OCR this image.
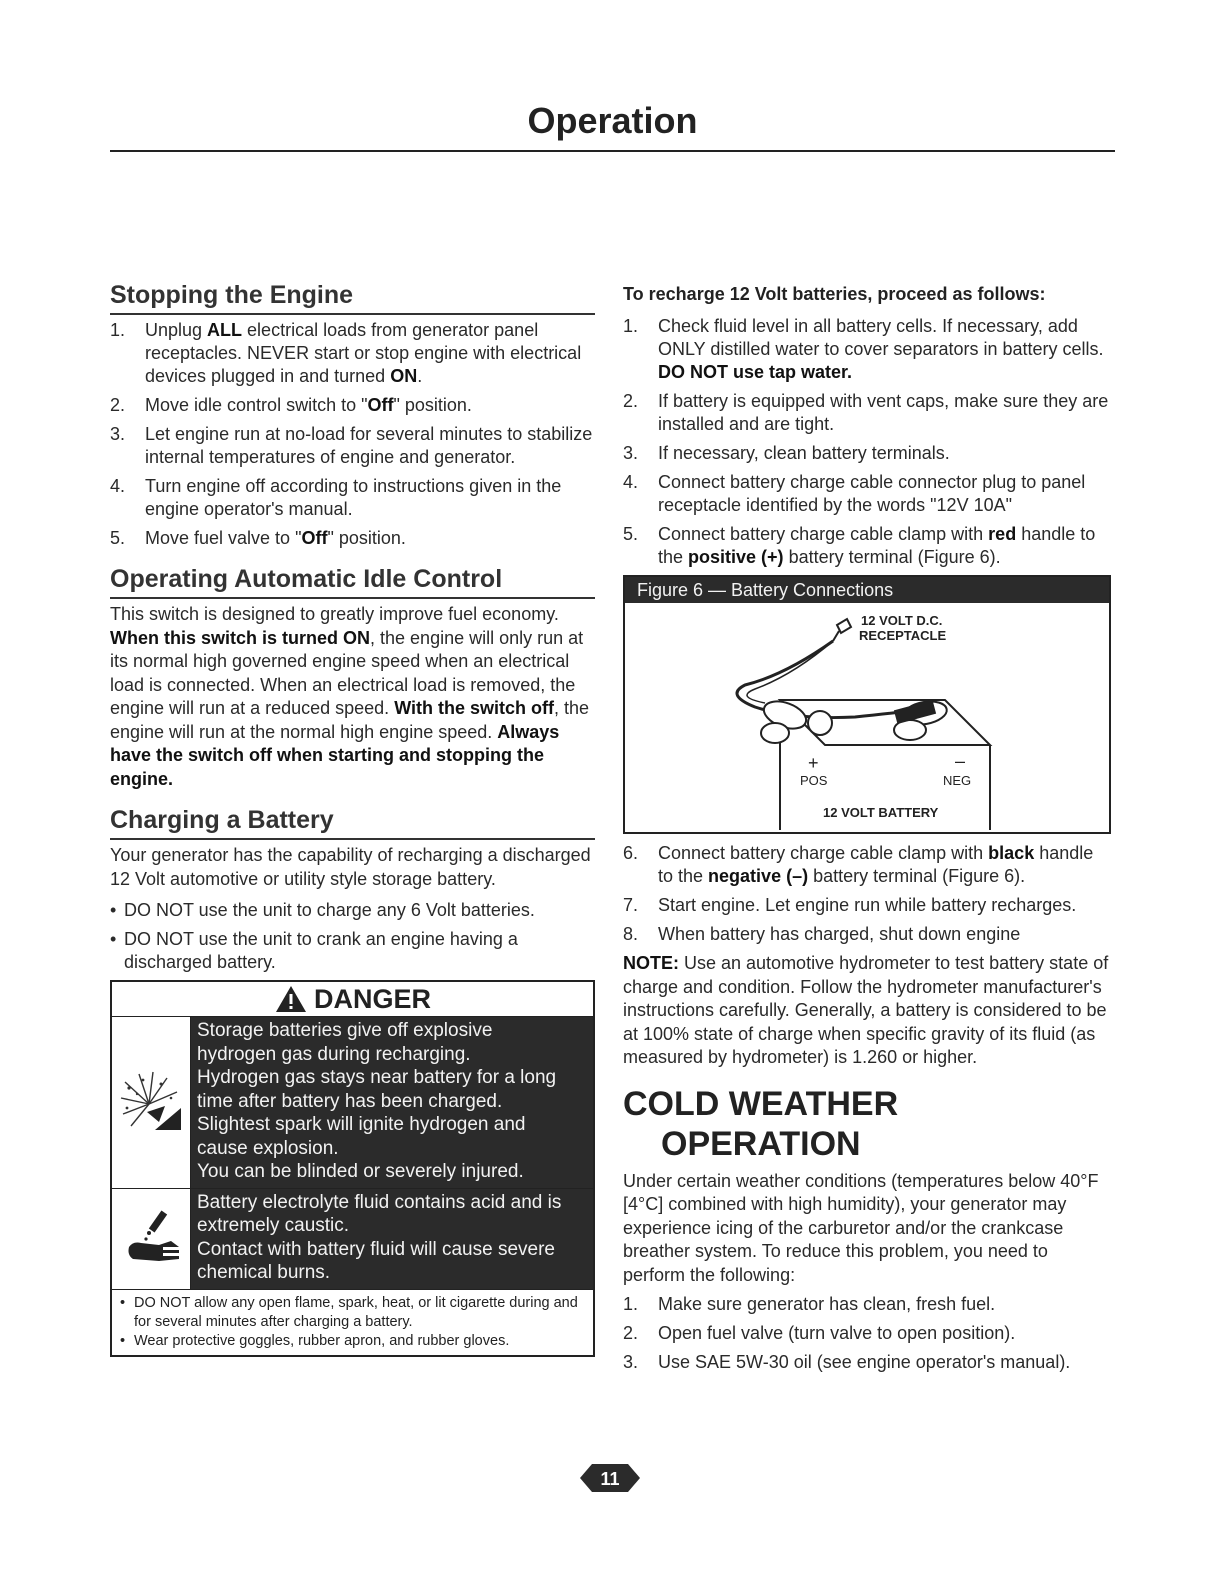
Operation
Stopping the Engine
1. Unplug ALL electrical loads from generator panel receptacles. NEVER start or stop engine with electrical devices plugged in and turned ON.
2. Move idle control switch to "Off" position.
3. Let engine run at no-load for several minutes to stabilize internal temperatures of engine and generator.
4. Turn engine off according to instructions given in the engine operator's manual.
5. Move fuel valve to "Off" position.
Operating Automatic Idle Control

This switch is designed to greatly improve fuel economy. When this switch is turned ON, the engine will only run at its normal high governed engine speed when an electrical load is connected. When an electrical load is removed, the engine will run at a reduced speed. With the switch off, the engine will run at the normal high engine speed. Always have the switch off when starting and stopping the engine.

Charging a Battery

Your generator has the capability of recharging a discharged 12 Volt automotive or utility style storage battery.

• DO NOT use the unit to charge any 6 Volt batteries.
• DO NOT use the unit to crank an engine having a discharged battery.
DANGER
Storage batteries give off explosive
hydrogen gas during recharging.
Hydrogen gas stays near battery for a long
time after battery has been charged.
Slightest spark will ignite hydrogen and
cause explosion.
You can be blinded or severely injured.
Battery electrolyte fluid contains acid and is
extremely caustic.
Contact with battery fluid will cause severe
chemical burns.
• DO NOT allow any open flame, spark, heat, or lit cigarette during and for several minutes after charging a battery.
• Wear protective goggles, rubber apron, and rubber gloves.
To recharge 12 Volt batteries, proceed as follows:
1. Check fluid level in all battery cells. If necessary, add ONLY distilled water to cover separators in battery cells. DO NOT use tap water.
2. If battery is equipped with vent caps, make sure they are installed and are tight.
3. If necessary, clean battery terminals.
4. Connect battery charge cable connector plug to panel receptacle identified by the words "12V 10A"
5. Connect battery charge cable clamp with red handle to the positive (+) battery terminal (Figure 6).
Figure 6 — Battery Connections
12 VOLT D.C.
RECEPTACLE
+	–
POS	NEG
12 VOLT BATTERY
6. Connect battery charge cable clamp with black handle to the negative (–) battery terminal (Figure 6).
7. Start engine. Let engine run while battery recharges.
8. When battery has charged, shut down engine

NOTE: Use an automotive hydrometer to test battery state of charge and condition. Follow the hydrometer manufacturer's instructions carefully. Generally, a battery is considered to be at 100% state of charge when specific gravity of its fluid (as measured by hydrometer) is 1.260 or higher.

COLD WEATHER
OPERATION

Under certain weather conditions (temperatures below 40°F [4°C] combined with high humidity), your generator may experience icing of the carburetor and/or the crankcase breather system. To reduce this problem, you need to perform the following:

1. Make sure generator has clean, fresh fuel.
2. Open fuel valve (turn valve to open position).
3. Use SAE 5W-30 oil (see engine operator's manual).
11
